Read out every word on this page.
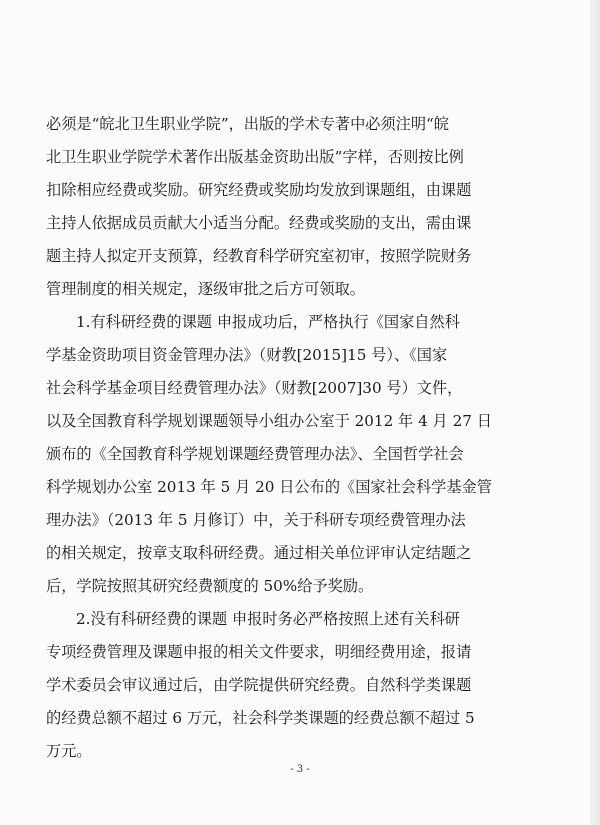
必须是“皖北卫生职业学院”，出版的学术专著中必须注明“皖
北卫生职业学院学术著作出版基金资助出版”字样，否则按比例
扣除相应经费或奖励。研究经费或奖励均发放到课题组，由课题
主持人依据成员贡献大小适当分配。经费或奖励的支出，需由课
题主持人拟定开支预算，经教育科学研究室初审，按照学院财务
管理制度的相关规定，逐级审批之后方可领取。
1.有科研经费的课题 申报成功后，严格执行《国家自然科
学基金资助项目资金管理办法》（财教[2015]15 号）、《国家
社会科学基金项目经费管理办法》（财教[2007]30 号）文件，
以及全国教育科学规划课题领导小组办公室于 2012 年 4 月 27 日
颁布的《全国教育科学规划课题经费管理办法》、全国哲学社会
科学规划办公室 2013 年 5 月 20 日公布的《国家社会科学基金管
理办法》（2013 年 5 月修订）中，关于科研专项经费管理办法
的相关规定，按章支取科研经费。通过相关单位评审认定结题之
后，学院按照其研究经费额度的 50%给予奖励。
2.没有科研经费的课题 申报时务必严格按照上述有关科研
专项经费管理及课题申报的相关文件要求，明细经费用途，报请
学术委员会审议通过后，由学院提供研究经费。自然科学类课题
的经费总额不超过 6 万元，社会科学类课题的经费总额不超过 5
万元。
- 3 -
